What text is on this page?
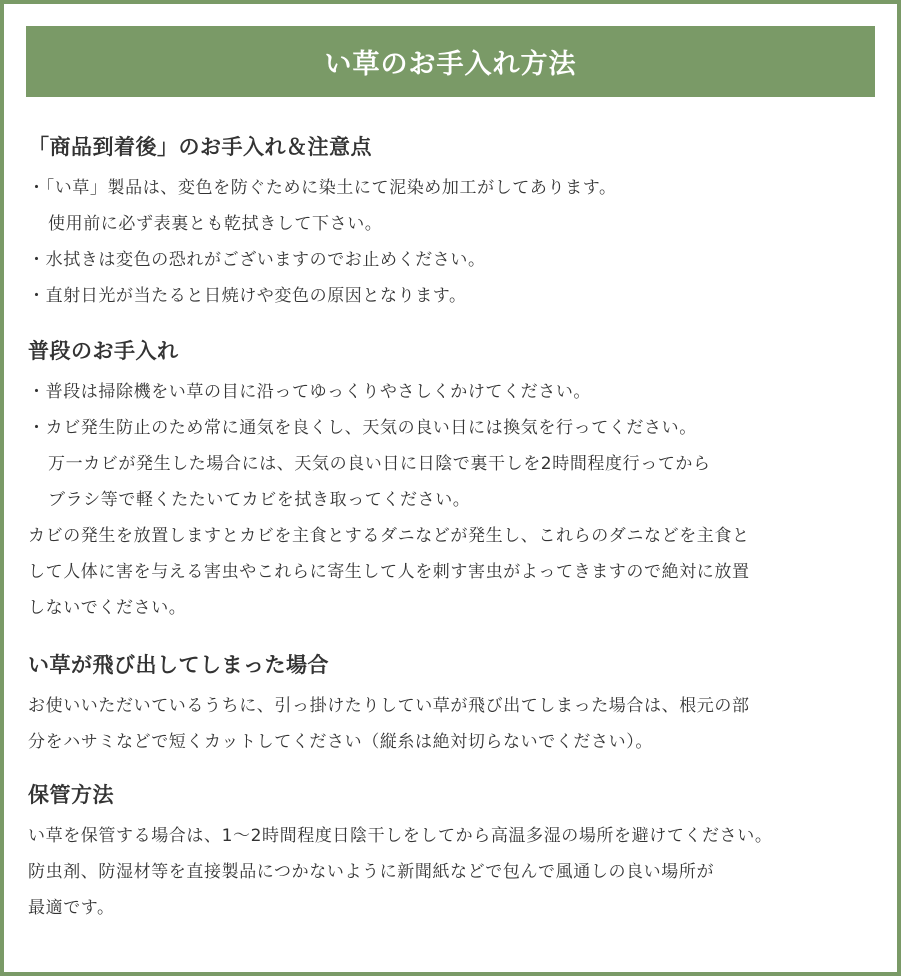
い草のお手入れ方法
「商品到着後」のお手入れ＆注意点

・「い草」製品は、変色を防ぐために染土にて泥染め加工がしてあります。

使用前に必ず表裏とも乾拭きして下さい。

・水拭きは変色の恐れがございますのでお止めください。

・直射日光が当たると日焼けや変色の原因となります。

普段のお手入れ

・普段は掃除機をい草の目に沿ってゆっくりやさしくかけてください。

・カビ発生防止のため常に通気を良くし、天気の良い日には換気を行ってください。

万一カビが発生した場合には、天気の良い日に日陰で裏干しを2時間程度行ってから

ブラシ等で軽くたたいてカビを拭き取ってください。

カビの発生を放置しますとカビを主食とするダニなどが発生し、これらのダニなどを主食と

して人体に害を与える害虫やこれらに寄生して人を刺す害虫がよってきますので絶対に放置

しないでください。

い草が飛び出してしまった場合

お使いいただいているうちに、引っ掛けたりしてい草が飛び出てしまった場合は、根元の部

分をハサミなどで短くカットしてください（縦糸は絶対切らないでください）。

保管方法

い草を保管する場合は、1〜2時間程度日陰干しをしてから高温多湿の場所を避けてください。

防虫剤、防湿材等を直接製品につかないように新聞紙などで包んで風通しの良い場所が

最適です。
